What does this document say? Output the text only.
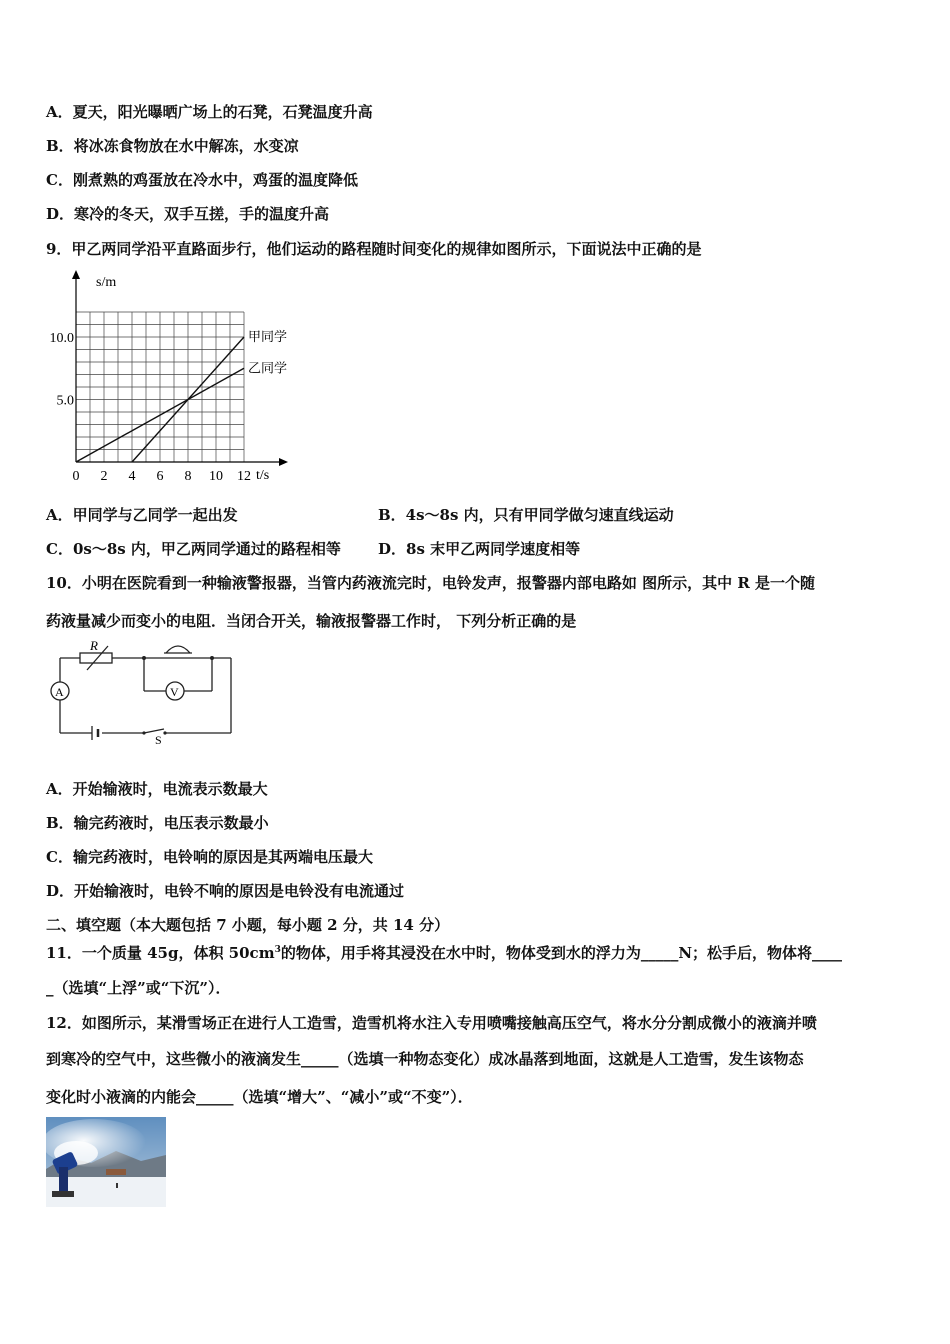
A．夏天，阳光曝晒广场上的石凳，石凳温度升高
B．将冰冻食物放在水中解冻，水变凉
C．刚煮熟的鸡蛋放在冷水中，鸡蛋的温度降低
D．寒冷的冬天，双手互搓，手的温度升高
9．甲乙两同学沿平直路面步行，他们运动的路程随时间变化的规律如图所示，下面说法中正确的是
0 2 4 6 8 10 12
5.0
10.0
s/m
t/s
甲同学
乙同学
A．甲同学与乙同学一起出发	B．4s～8s 内，只有甲同学做匀速直线运动
C．0s～8s 内，甲乙两同学通过的路程相等 D．8s 末甲乙两同学速度相等
10．小明在医院看到一种输液警报器，当管内药液流完时，电铃发声，报警器内部电路如 图所示，其中 R 是一个随
药液量减少而变小的电阻．当闭合开关，输液报警器工作时， 下列分析正确的是
R
A	V
S
A．开始输液时，电流表示数最大
B．输完药液时，电压表示数最小
C．输完药液时，电铃响的原因是其两端电压最大
D．开始输液时，电铃不响的原因是电铃没有电流通过
二、填空题（本大题包括 7 小题，每小题 2 分，共 14 分）
11．一个质量 45g，体积 $50cm^3$的物体，用手将其浸没在水中时，物体受到水的浮力为_____N；松手后，物体将____
_（选填“上浮”或“下沉”）．
12．如图所示，某滑雪场正在进行人工造雪，造雪机将水注入专用喷嘴接触高压空气，将水分分割成微小的液滴并喷
到寒冷的空气中，这些微小的液滴发生_____（选填一种物态变化）成冰晶落到地面，这就是人工造雪，发生该物态
变化时小液滴的内能会_____（选填“增大”、“减小”或“不变”）．
